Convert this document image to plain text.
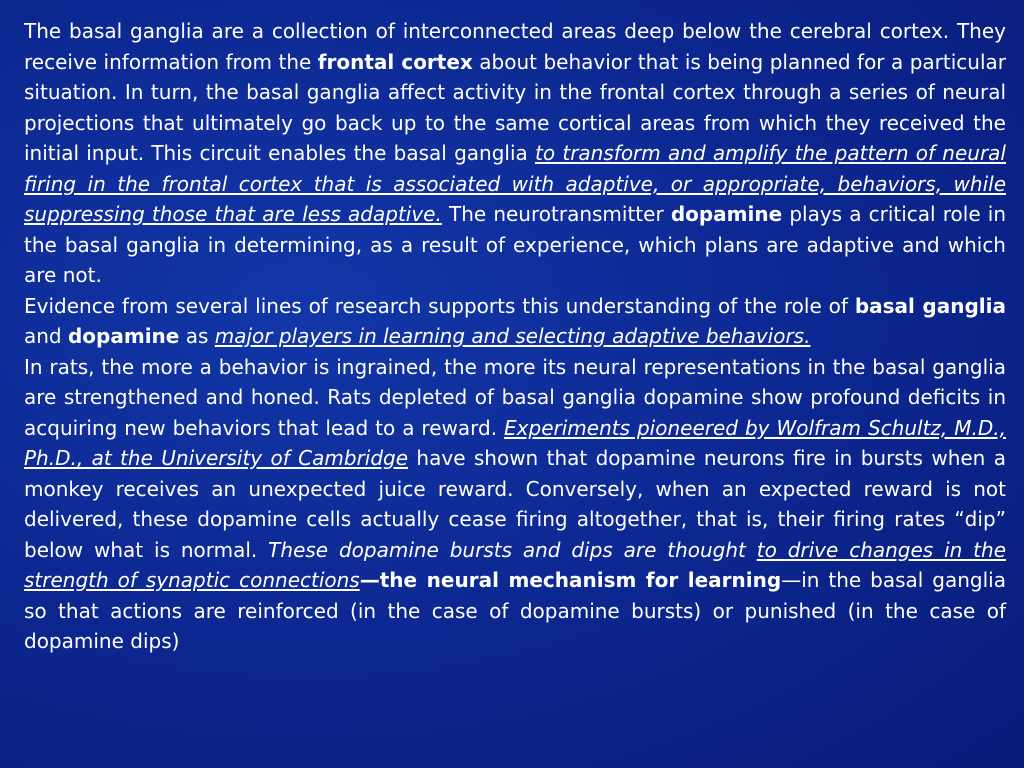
The basal ganglia are a collection of interconnected areas deep below the cerebral cortex. They receive information from the frontal cortex about behavior that is being planned for a particular situation. In turn, the basal ganglia affect activity in the frontal cortex through a series of neural projections that ultimately go back up to the same cortical areas from which they received the initial input. This circuit enables the basal ganglia to transform and amplify the pattern of neural firing in the frontal cortex that is associated with adaptive, or appropriate, behaviors, while suppressing those that are less adaptive. The neurotransmitter dopamine plays a critical role in the basal ganglia in determining, as a result of experience, which plans are adaptive and which are not.

Evidence from several lines of research supports this understanding of the role of basal ganglia and dopamine as major players in learning and selecting adaptive behaviors.

In rats, the more a behavior is ingrained, the more its neural representations in the basal ganglia are strengthened and honed. Rats depleted of basal ganglia dopamine show profound deficits in acquiring new behaviors that lead to a reward. Experiments pioneered by Wolfram Schultz, M.D., Ph.D., at the University of Cambridge have shown that dopamine neurons fire in bursts when a monkey receives an unexpected juice reward. Conversely, when an expected reward is not delivered, these dopamine cells actually cease firing altogether, that is, their firing rates “dip” below what is normal. These dopamine bursts and dips are thought to drive changes in the strength of synaptic connections—the neural mechanism for learning—in the basal ganglia so that actions are reinforced (in the case of dopamine bursts) or punished (in the case of dopamine dips)
